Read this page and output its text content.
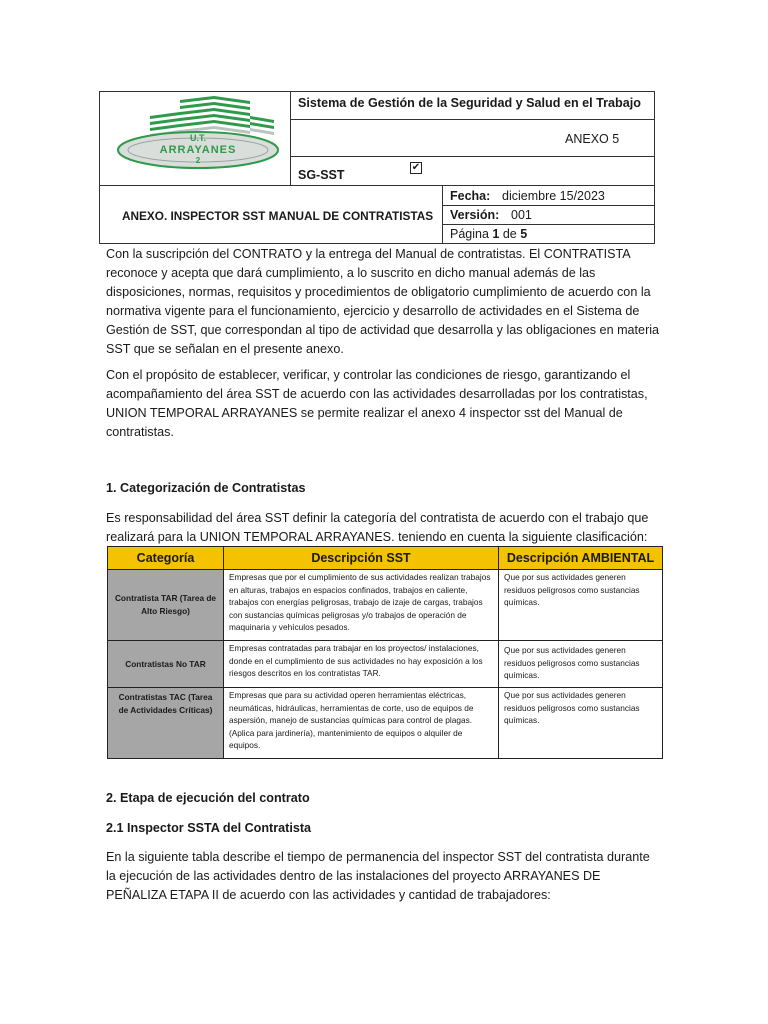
U.T.
ARRAYANES
2
Sistema de Gestión de la Seguridad y Salud en el Trabajo
ANEXO 5
SG-SST
✔
ANEXO. INSPECTOR SST MANUAL DE CONTRATISTAS
Fecha: diciembre 15/2023
Versión: 001
Página 1 de 5

Con la suscripción del CONTRATO y la entrega del Manual de contratistas. El CONTRATISTA reconoce y acepta que dará cumplimiento, a lo suscrito en dicho manual además de las disposiciones, normas, requisitos y procedimientos de obligatorio cumplimiento de acuerdo con la normativa vigente para el funcionamiento, ejercicio y desarrollo de actividades en el Sistema de Gestión de SST, que correspondan al tipo de actividad que desarrolla y las obligaciones en materia SST que se señalan en el presente anexo.

Con el propósito de establecer, verificar, y controlar las condiciones de riesgo, garantizando el acompañamiento del área SST de acuerdo con las actividades desarrolladas por los contratistas, UNION TEMPORAL ARRAYANES se permite realizar el anexo 4 inspector sst del Manual de contratistas.

1. Categorización de Contratistas

Es responsabilidad del área SST definir la categoría del contratista de acuerdo con el trabajo que realizará para la UNION TEMPORAL ARRAYANES. teniendo en cuenta la siguiente clasificación:

Categoría	Descripción SST	Descripción AMBIENTAL
Contratista TAR (Tarea de Alto Riesgo)	Empresas que por el cumplimiento de sus actividades realizan trabajos en alturas, trabajos en espacios confinados, trabajos en caliente, trabajos con energías peligrosas, trabajo de izaje de cargas, trabajos con sustancias químicas peligrosas y/o trabajos de operación de maquinaria y vehículos pesados.	Que por sus actividades generen residuos peligrosos como sustancias químicas.
Contratistas No TAR	Empresas contratadas para trabajar en los proyectos/ instalaciones, donde en el cumplimiento de sus actividades no hay exposición a los riesgos descritos en los contratistas TAR.	Que por sus actividades generen residuos peligrosos como sustancias químicas.
Contratistas TAC (Tarea de Actividades Críticas)	Empresas que para su actividad operen herramientas eléctricas, neumáticas, hidráulicas, herramientas de corte, uso de equipos de aspersión, manejo de sustancias químicas para control de plagas. (Aplica para jardinería), mantenimiento de equipos o alquiler de equipos.	Que por sus actividades generen residuos peligrosos como sustancias químicas.
2. Etapa de ejecución del contrato
2.1 Inspector SSTA del Contratista

En la siguiente tabla describe el tiempo de permanencia del inspector SST del contratista durante la ejecución de las actividades dentro de las instalaciones del proyecto ARRAYANES DE PEÑALIZA ETAPA II de acuerdo con las actividades y cantidad de trabajadores:
